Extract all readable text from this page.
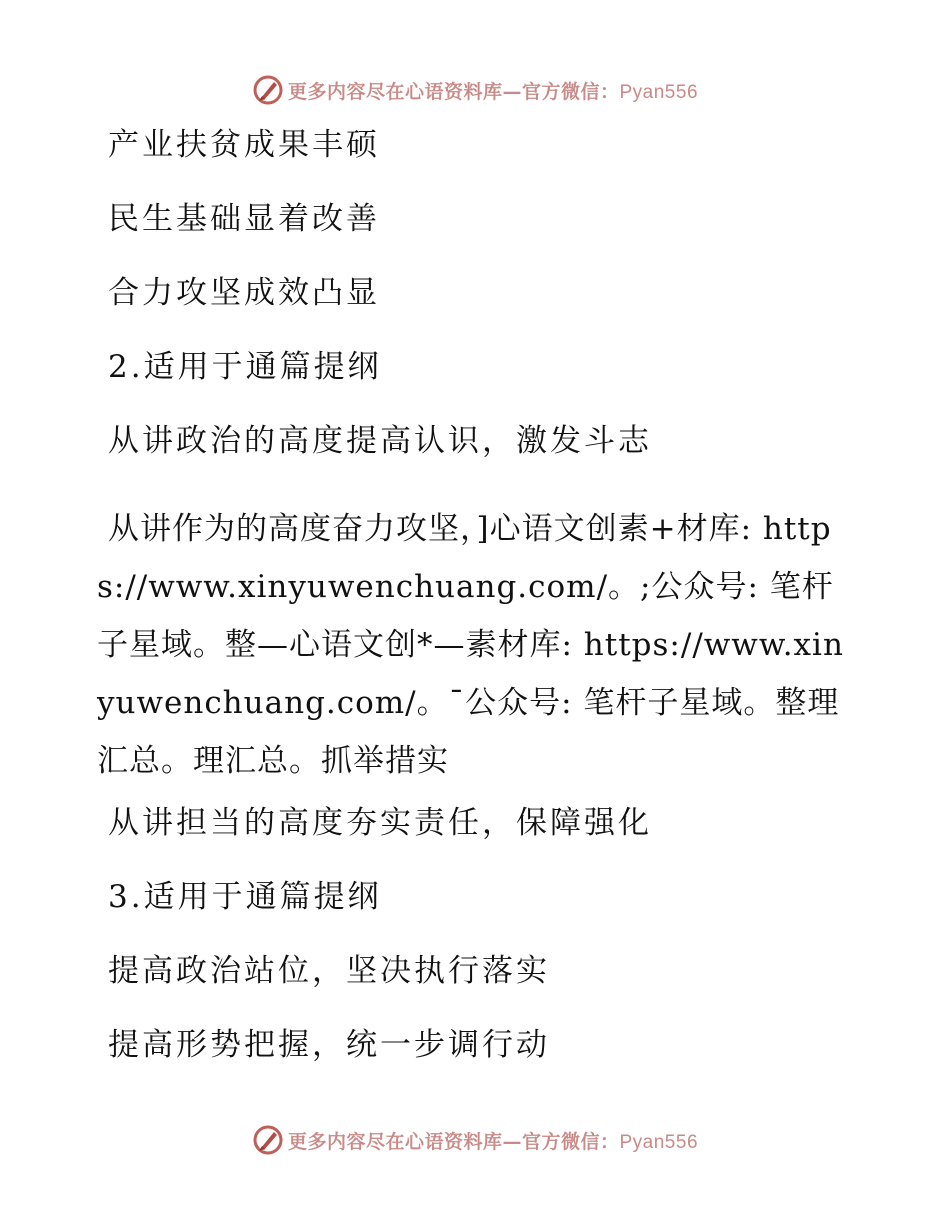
更多内容尽在心语资料库—官方微信：Pyan556
产业扶贫成果丰硕
民生基础显着改善
合力攻坚成效凸显
2.适用于通篇提纲
从讲政治的高度提高认识，激发斗志
从讲作为的高度奋力攻坚，]心语文创素+材库: https://www.xinyuwenchuang.com/。;公众号: 笔杆子星域。整—心语文创*—素材库: https://www.xinyuwenchuang.com/。¯公众号: 笔杆子星域。整理汇总。理汇总。抓举措实
从讲担当的高度夯实责任，保障强化
3.适用于通篇提纲
提高政治站位，坚决执行落实
提高形势把握，统一步调行动
更多内容尽在心语资料库—官方微信：Pyan556
